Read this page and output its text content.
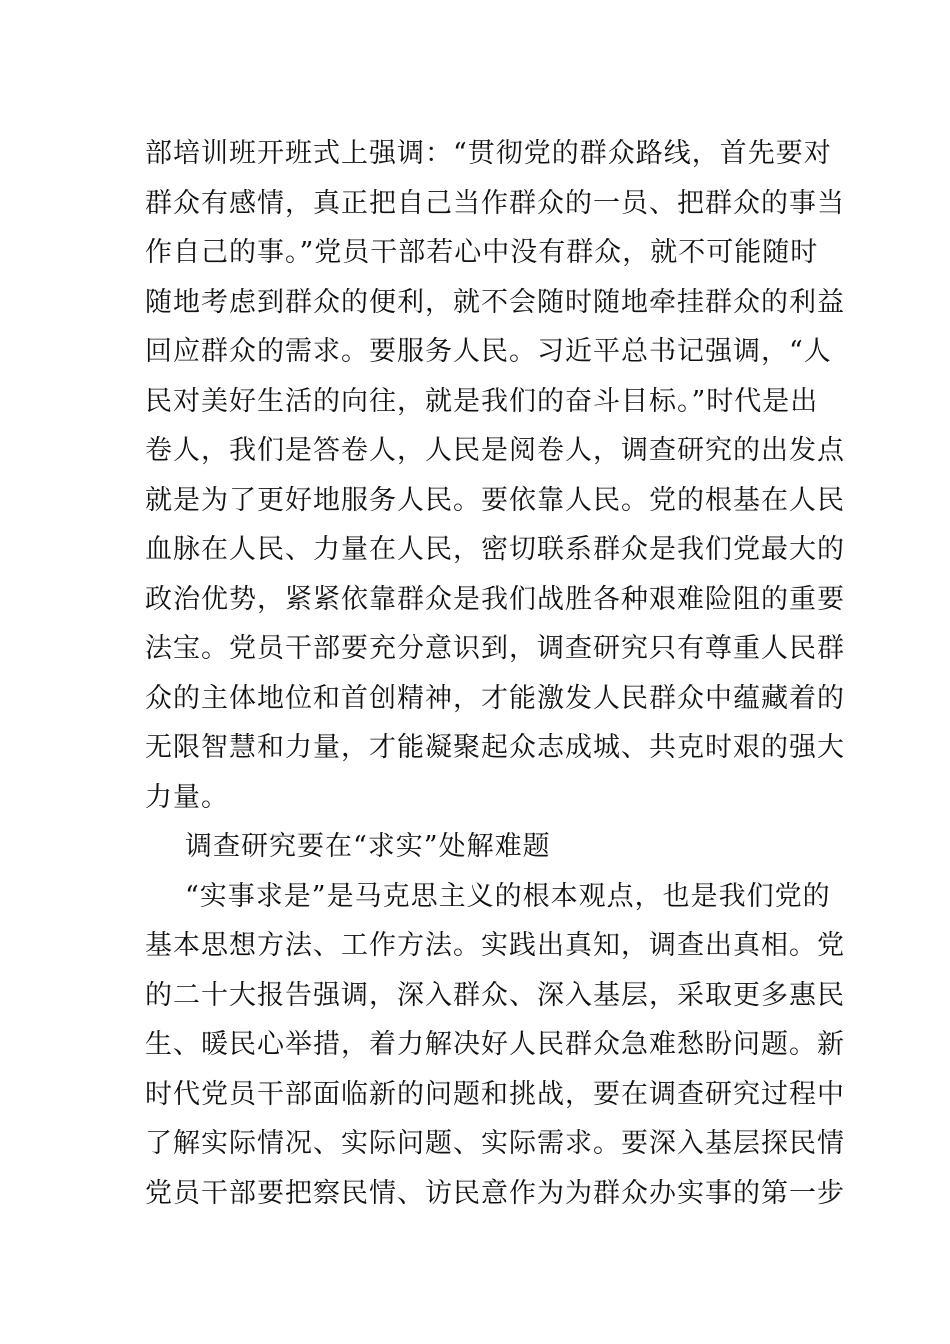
部培训班开班式上强调：“贯彻党的群众路线，首先要对
群众有感情，真正把自己当作群众的一员、把群众的事当
作自己的事。”党员干部若心中没有群众，就不可能随时
随地考虑到群众的便利，就不会随时随地牵挂群众的利益
回应群众的需求。要服务人民。习近平总书记强调，“人
民对美好生活的向往，就是我们的奋斗目标。”时代是出
卷人，我们是答卷人，人民是阅卷人，调查研究的出发点
就是为了更好地服务人民。要依靠人民。党的根基在人民
血脉在人民、力量在人民，密切联系群众是我们党最大的
政治优势，紧紧依靠群众是我们战胜各种艰难险阻的重要
法宝。党员干部要充分意识到，调查研究只有尊重人民群
众的主体地位和首创精神，才能激发人民群众中蕴藏着的
无限智慧和力量，才能凝聚起众志成城、共克时艰的强大
力量。
调查研究要在“求实”处解难题
“实事求是”是马克思主义的根本观点，也是我们党的
基本思想方法、工作方法。实践出真知，调查出真相。党
的二十大报告强调，深入群众、深入基层，采取更多惠民
生、暖民心举措，着力解决好人民群众急难愁盼问题。新
时代党员干部面临新的问题和挑战，要在调查研究过程中
了解实际情况、实际问题、实际需求。要深入基层探民情
党员干部要把察民情、访民意作为为群众办实事的第一步
